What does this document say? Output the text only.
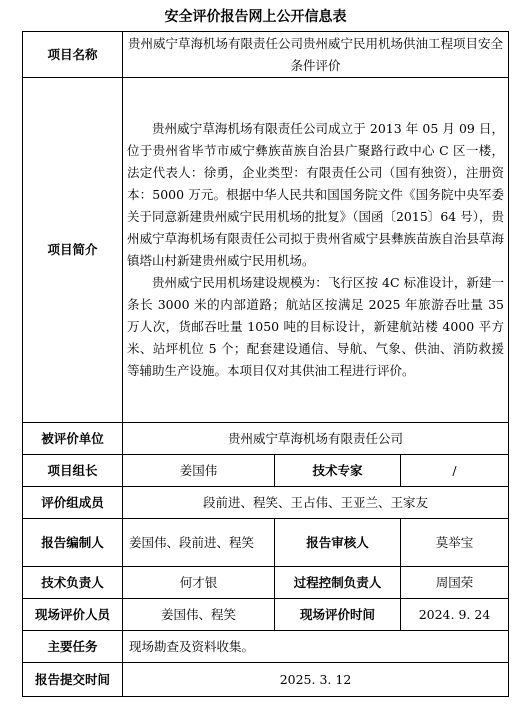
安全评价报告网上公开信息表
项目名称	贵州威宁草海机场有限责任公司贵州威宁民用机场供油工程项目安全条件评价		
项目简介	贵州威宁草海机场有限责任公司成立于 2013 年 05 月 09 日，位于贵州省毕节市威宁彝族苗族自治县广聚路行政中心 C 区一楼，法定代表人：徐勇，企业类型：有限责任公司（国有独资），注册资本：5000 万元。根据中华人民共和国国务院文件《国务院中央军委关于同意新建贵州威宁民用机场的批复》（国函〔2015〕64 号），贵州威宁草海机场有限责任公司拟于贵州省威宁县彝族苗族自治县草海镇塔山村新建贵州威宁民用机场。

贵州威宁民用机场建设规模为：飞行区按 4C 标准设计，新建一条长 3000 米的内部道路；航站区按满足 2025 年旅游吞吐量 35 万人次，货邮吞吐量 1050 吨的目标设计，新建航站楼 4000 平方米、站坪机位 5 个；配套建设通信、导航、气象、供油、消防救援等辅助生产设施。本项目仅对其供油工程进行评价。		

被评价单位	贵州威宁草海机场有限责任公司		
项目组长	姜国伟	技术专家	/
评价组成员	段前进、程笑、王占伟、王亚兰、王家友		
报告编制人	姜国伟、段前进、程笑	报告审核人	莫举宝
技术负责人	何才银	过程控制负责人	周国荣
现场评价人员	姜国伟、程笑	现场评价时间	2024. 9. 24
主要任务	现场勘查及资料收集。		
报告提交时间	2025. 3. 12		
